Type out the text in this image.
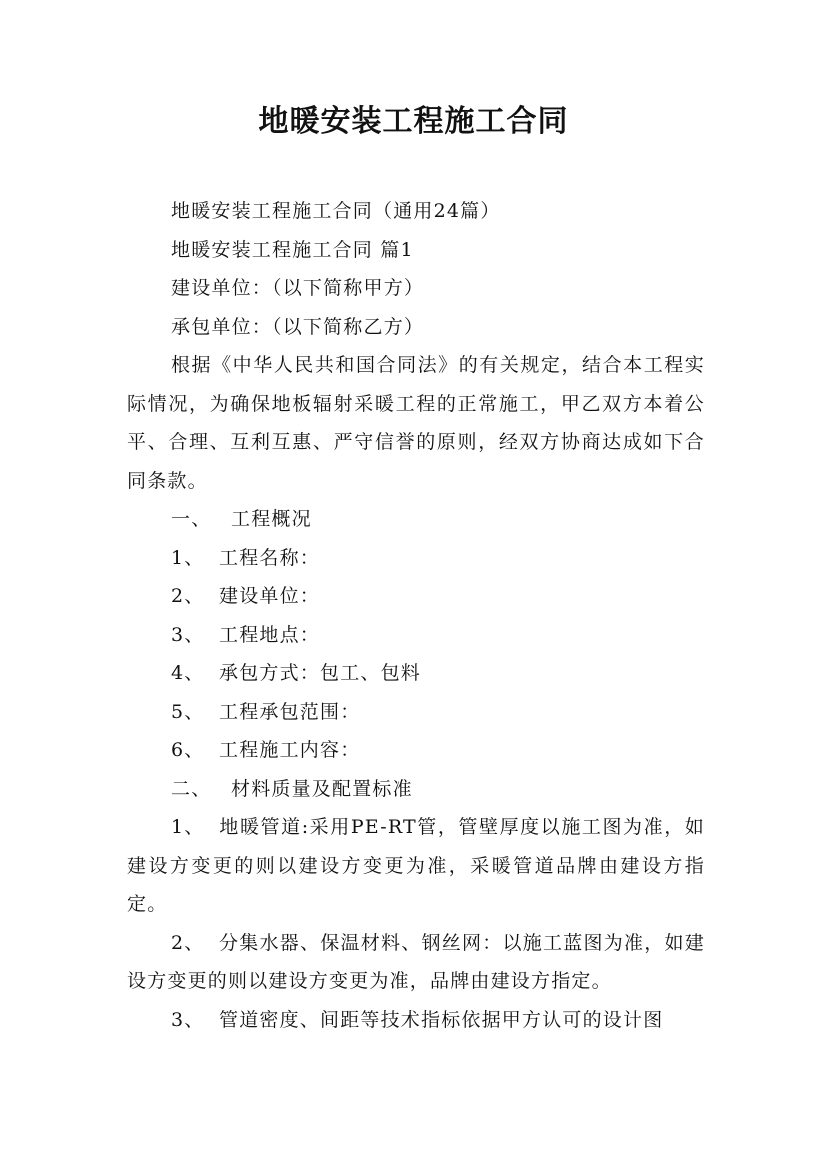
地暖安装工程施工合同

地暖安装工程施工合同（通用24篇）

地暖安装工程施工合同 篇1

建设单位：（以下简称甲方）

承包单位：（以下简称乙方）

根据《中华人民共和国合同法》的有关规定，结合本工程实际情况，为确保地板辐射采暖工程的正常施工，甲乙双方本着公平、合理、互利互惠、严守信誉的原则，经双方协商达成如下合同条款。

一、 工程概况

1、 工程名称：

2、 建设单位：

3、 工程地点：

4、 承包方式：包工、包料

5、 工程承包范围：

6、 工程施工内容：

二、 材料质量及配置标准

1、 地暖管道:采用PE-RT管，管壁厚度以施工图为准，如建设方变更的则以建设方变更为准，采暖管道品牌由建设方指定。

2、 分集水器、保温材料、钢丝网：以施工蓝图为准，如建设方变更的则以建设方变更为准，品牌由建设方指定。

3、 管道密度、间距等技术指标依据甲方认可的设计图
